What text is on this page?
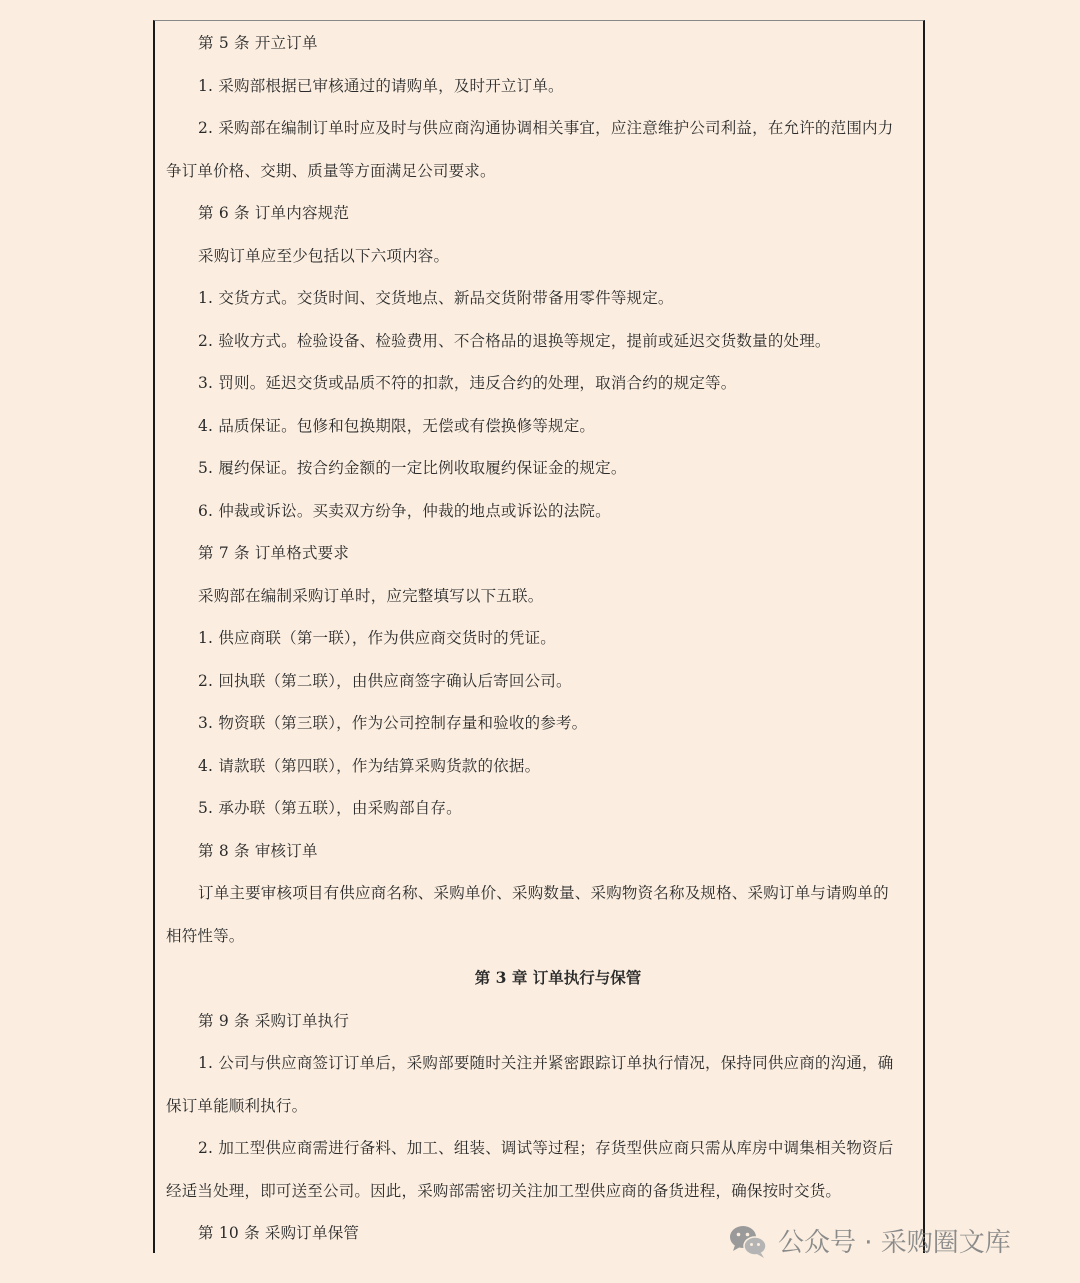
第 5 条 开立订单
1. 采购部根据已审核通过的请购单，及时开立订单。
2. 采购部在编制订单时应及时与供应商沟通协调相关事宜，应注意维护公司利益，在允许的范围内力
争订单价格、交期、质量等方面满足公司要求。
第 6 条 订单内容规范
采购订单应至少包括以下六项内容。
1. 交货方式。交货时间、交货地点、新品交货附带备用零件等规定。
2. 验收方式。检验设备、检验费用、不合格品的退换等规定，提前或延迟交货数量的处理。
3. 罚则。延迟交货或品质不符的扣款，违反合约的处理，取消合约的规定等。
4. 品质保证。包修和包换期限，无偿或有偿换修等规定。
5. 履约保证。按合约金额的一定比例收取履约保证金的规定。
6. 仲裁或诉讼。买卖双方纷争，仲裁的地点或诉讼的法院。
第 7 条 订单格式要求
采购部在编制采购订单时，应完整填写以下五联。
1. 供应商联（第一联），作为供应商交货时的凭证。
2. 回执联（第二联），由供应商签字确认后寄回公司。
3. 物资联（第三联），作为公司控制存量和验收的参考。
4. 请款联（第四联），作为结算采购货款的依据。
5. 承办联（第五联），由采购部自存。
第 8 条 审核订单
订单主要审核项目有供应商名称、采购单价、采购数量、采购物资名称及规格、采购订单与请购单的
相符性等。
第 3 章 订单执行与保管
第 9 条 采购订单执行
1. 公司与供应商签订订单后，采购部要随时关注并紧密跟踪订单执行情况，保持同供应商的沟通，确
保订单能顺利执行。
2. 加工型供应商需进行备料、加工、组装、调试等过程；存货型供应商只需从库房中调集相关物资后
经适当处理，即可送至公司。因此，采购部需密切关注加工型供应商的备货进程，确保按时交货。
第 10 条 采购订单保管	公众号 · 采购圈文库
